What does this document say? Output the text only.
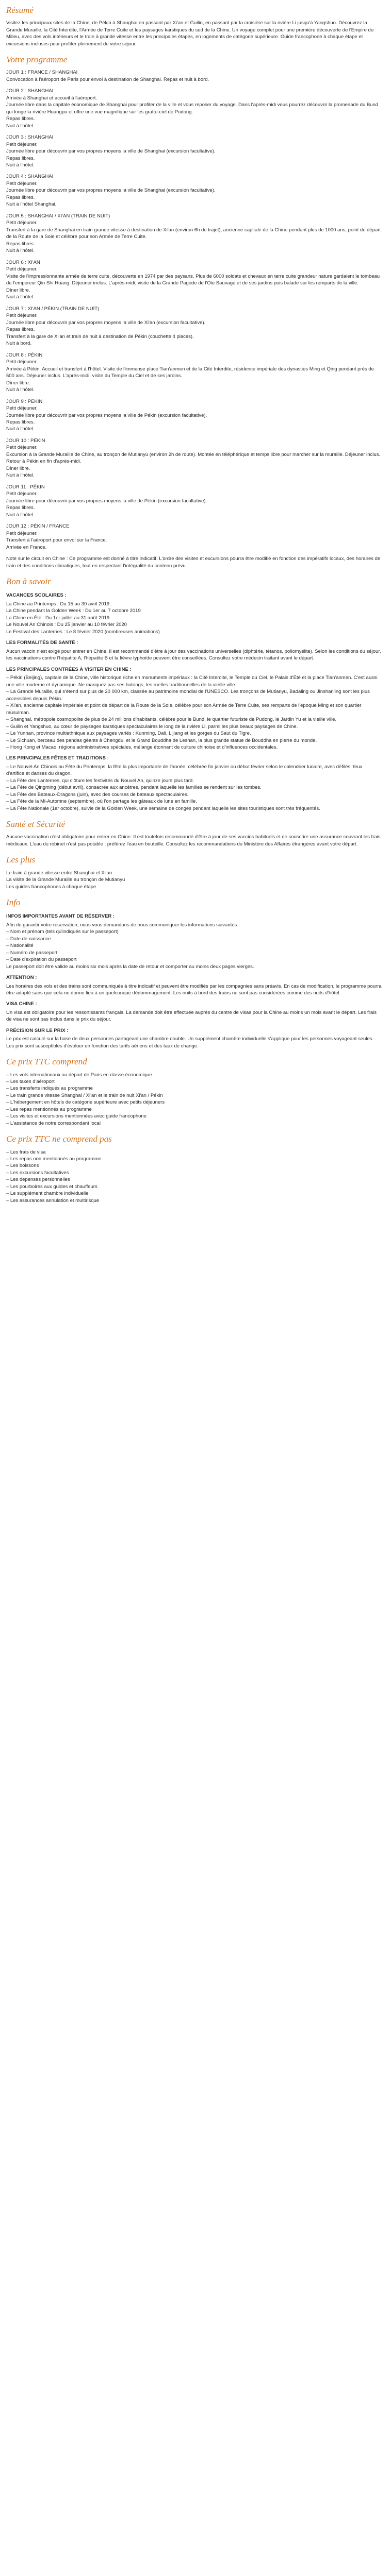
Résumé

Visitez les principaux sites de la Chine, de Pékin à Shanghai en passant par Xi'an et Guilin, en passant par la croisière sur la rivière Li jusqu'à Yangshuo. Découvrez la Grande Muraille, la Cité Interdite, l'Armée de Terre Cuite et les paysages karstiques du sud de la Chine. Un voyage complet pour une première découverte de l'Empire du Milieu, avec des vols intérieurs et le train à grande vitesse entre les principales étapes, en logements de catégorie supérieure. Guide francophone à chaque étape et excursions incluses pour profiter pleinement de votre séjour.

Votre programme
JOUR 1 : FRANCE / SHANGHAI
Convocation à l'aéroport de Paris pour envol à destination de Shanghai. Repas et nuit à bord.
JOUR 2 : SHANGHAI
Arrivée à Shanghai et accueil à l'aéroport.
Journée libre dans la capitale économique de Shanghai pour profiter de la ville et vous reposer du voyage. Dans l'après-midi vous pourrez découvrir la promenade du Bund qui longe la rivière Huangpu et offre une vue magnifique sur les gratte-ciel de Pudong.
Repas libres.
Nuit à l'hôtel.
JOUR 3 : SHANGHAI
Petit déjeuner.
Journée libre pour découvrir par vos propres moyens la ville de Shanghai (excursion facultative).
Repas libres.
Nuit à l'hôtel.
JOUR 4 : SHANGHAI
Petit déjeuner.
Journée libre pour découvrir par vos propres moyens la ville de Shanghai (excursion facultative).
Repas libres.
Nuit à l'hôtel Shanghai.
JOUR 5 : SHANGHAI / XI'AN (TRAIN DE NUIT)
Petit déjeuner.
Transfert à la gare de Shanghai en train grande vitesse à destination de Xi'an (environ 6h de trajet), ancienne capitale de la Chine pendant plus de 1000 ans, point de départ de la Route de la Soie et célèbre pour son Armée de Terre Cuite.
Repas libres.
Nuit à l'hôtel.
JOUR 6 : XI'AN
Petit déjeuner.
Visite de l'impressionnante armée de terre cuite, découverte en 1974 par des paysans. Plus de 6000 soldats et chevaux en terre cuite grandeur nature gardaient le tombeau de l'empereur Qin Shi Huang. Déjeuner inclus. L'après-midi, visite de la Grande Pagode de l'Oie Sauvage et de ses jardins puis balade sur les remparts de la ville.
Dîner libre.
Nuit à l'hôtel.
JOUR 7 : XI'AN / PÉKIN (TRAIN DE NUIT)
Petit déjeuner.
Journée libre pour découvrir par vos propres moyens la ville de Xi'an (excursion facultative).
Repas libres.
Transfert à la gare de Xi'an et train de nuit à destination de Pékin (couchette 4 places).
Nuit à bord.
JOUR 8 : PÉKIN
Petit déjeuner.
Arrivée à Pékin. Accueil et transfert à l'hôtel. Visite de l'immense place Tian'anmen et de la Cité Interdite, résidence impériale des dynasties Ming et Qing pendant près de 500 ans. Déjeuner inclus. L'après-midi, visite du Temple du Ciel et de ses jardins.
Dîner libre.
Nuit à l'hôtel.
JOUR 9 : PÉKIN
Petit déjeuner.
Journée libre pour découvrir par vos propres moyens la ville de Pékin (excursion facultative).
Repas libres.
Nuit à l'hôtel.
JOUR 10 : PÉKIN
Petit déjeuner.
Excursion à la Grande Muraille de Chine, au tronçon de Mutianyu (environ 2h de route). Montée en téléphérique et temps libre pour marcher sur la muraille. Déjeuner inclus. Retour à Pékin en fin d'après-midi.
Dîner libre.
Nuit à l'hôtel.
JOUR 11 : PÉKIN
Petit déjeuner.
Journée libre pour découvrir par vos propres moyens la ville de Pékin (excursion facultative).
Repas libres.
Nuit à l'hôtel.
JOUR 12 : PÉKIN / FRANCE
Petit déjeuner.
Transfert à l'aéroport pour envol sur la France.
Arrivée en France.

Note sur le circuit en Chine : Ce programme est donné à titre indicatif. L'ordre des visites et excursions pourra être modifié en fonction des impératifs locaux, des horaires de train et des conditions climatiques, tout en respectant l'intégralité du contenu prévu.

Bon à savoir
VACANCES SCOLAIRES :
La Chine au Printemps : Du 15 au 30 avril 2019
La Chine pendant la Golden Week : Du 1er au 7 octobre 2019
La Chine en Été : Du 1er juillet au 31 août 2019
Le Nouvel An Chinois : Du 25 janvier au 10 février 2020
Le Festival des Lanternes : Le 8 février 2020 (nombreuses animations)
LES FORMALITÉS DE SANTÉ :
Aucun vaccin n'est exigé pour entrer en Chine. Il est recommandé d'être à jour des vaccinations universelles (diphtérie, tétanos, poliomyélite). Selon les conditions du séjour, les vaccinations contre l'hépatite A, l'hépatite B et la fièvre typhoïde peuvent être conseillées. Consultez votre médecin traitant avant le départ.
LES PRINCIPALES CONTRÉES À VISITER EN CHINE :
– Pékin (Beijing), capitale de la Chine, ville historique riche en monuments impériaux : la Cité Interdite, le Temple du Ciel, le Palais d'Été et la place Tian'anmen. C'est aussi une ville moderne et dynamique. Ne manquez pas ses hutongs, les ruelles traditionnelles de la vieille ville.
– La Grande Muraille, qui s'étend sur plus de 20 000 km, classée au patrimoine mondial de l'UNESCO. Les tronçons de Mutianyu, Badaling ou Jinshanling sont les plus accessibles depuis Pékin.
– Xi'an, ancienne capitale impériale et point de départ de la Route de la Soie, célèbre pour son Armée de Terre Cuite, ses remparts de l'époque Ming et son quartier musulman.
– Shanghai, métropole cosmopolite de plus de 24 millions d'habitants, célèbre pour le Bund, le quartier futuriste de Pudong, le Jardin Yu et la vieille ville.
– Guilin et Yangshuo, au cœur de paysages karstiques spectaculaires le long de la rivière Li, parmi les plus beaux paysages de Chine.
– Le Yunnan, province multiethnique aux paysages variés : Kunming, Dali, Lijiang et les gorges du Saut du Tigre.
– Le Sichuan, berceau des pandas géants à Chengdu, et le Grand Bouddha de Leshan, la plus grande statue de Bouddha en pierre du monde.
– Hong Kong et Macao, régions administratives spéciales, mélange étonnant de culture chinoise et d'influences occidentales.
LES PRINCIPALES FÊTES ET TRADITIONS :
– Le Nouvel An Chinois ou Fête du Printemps, la fête la plus importante de l'année, célébrée fin janvier ou début février selon le calendrier lunaire, avec défilés, feux d'artifice et danses du dragon.
– La Fête des Lanternes, qui clôture les festivités du Nouvel An, quinze jours plus tard.
– La Fête de Qingming (début avril), consacrée aux ancêtres, pendant laquelle les familles se rendent sur les tombes.
– La Fête des Bateaux-Dragons (juin), avec des courses de bateaux spectaculaires.
– La Fête de la Mi-Automne (septembre), où l'on partage les gâteaux de lune en famille.
– La Fête Nationale (1er octobre), suivie de la Golden Week, une semaine de congés pendant laquelle les sites touristiques sont très fréquentés.
Santé et Sécurité

Aucune vaccination n'est obligatoire pour entrer en Chine. Il est toutefois recommandé d'être à jour de ses vaccins habituels et de souscrire une assurance couvrant les frais médicaux. L'eau du robinet n'est pas potable : préférez l'eau en bouteille. Consultez les recommandations du Ministère des Affaires étrangères avant votre départ.

Les plus
Le train à grande vitesse entre Shanghai et Xi'an
La visite de la Grande Muraille au tronçon de Mutianyu
Les guides francophones à chaque étape
Info
INFOS IMPORTANTES AVANT DE RÉSERVER :
Afin de garantir votre réservation, nous vous demandons de nous communiquer les informations suivantes :
– Nom et prénom (tels qu'indiqués sur le passeport)
– Date de naissance
– Nationalité
– Numéro de passeport
– Date d'expiration du passeport
Le passeport doit être valide au moins six mois après la date de retour et comporter au moins deux pages vierges.
ATTENTION :
Les horaires des vols et des trains sont communiqués à titre indicatif et peuvent être modifiés par les compagnies sans préavis. En cas de modification, le programme pourra être adapté sans que cela ne donne lieu à un quelconque dédommagement. Les nuits à bord des trains ne sont pas considérées comme des nuits d'hôtel.
VISA CHINE :
Un visa est obligatoire pour les ressortissants français. La demande doit être effectuée auprès du centre de visas pour la Chine au moins un mois avant le départ. Les frais de visa ne sont pas inclus dans le prix du séjour.
PRÉCISION SUR LE PRIX :
Le prix est calculé sur la base de deux personnes partageant une chambre double. Un supplément chambre individuelle s'applique pour les personnes voyageant seules. Les prix sont susceptibles d'évoluer en fonction des tarifs aériens et des taux de change.
Ce prix TTC comprend
– Les vols internationaux au départ de Paris en classe économique
– Les taxes d'aéroport
– Les transferts indiqués au programme
– Le train grande vitesse Shanghai / Xi'an et le train de nuit Xi'an / Pékin
– L'hébergement en hôtels de catégorie supérieure avec petits déjeuners
– Les repas mentionnés au programme
– Les visites et excursions mentionnées avec guide francophone
– L'assistance de notre correspondant local
Ce prix TTC ne comprend pas
– Les frais de visa
– Les repas non mentionnés au programme
– Les boissons
– Les excursions facultatives
– Les dépenses personnelles
– Les pourboires aux guides et chauffeurs
– Le supplément chambre individuelle
– Les assurances annulation et multirisque
